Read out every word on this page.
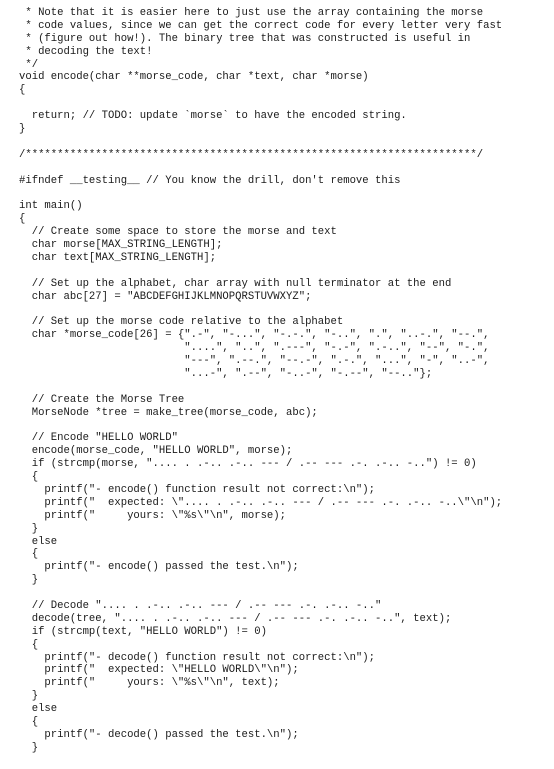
* Note that it is easier here to just use the array containing the morse
* code values, since we can get the correct code for every letter very fast
* (figure out how!). The binary tree that was constructed is useful in
* decoding the text!
*/
void encode(char **morse_code, char *text, char *morse)
{
return; // TODO: update `morse` to have the encoded string.
}
/***********************************************************************/
#ifndef __testing__ // You know the drill, don't remove this
int main()
{
// Create some space to store the morse and text
char morse[MAX_STRING_LENGTH];
char text[MAX_STRING_LENGTH];
// Set up the alphabet, char array with null terminator at the end
char abc[27] = "ABCDEFGHIJKLMNOPQRSTUVWXYZ";
// Set up the morse code relative to the alphabet
char *morse_code[26] = {".-", "-...", "-.-.", "-..", ".", "..-.", "--.",
"....", "..", ".---", "-.-", ".-..", "--", "-.",
"---", ".--.", "--.-", ".-.", "...", "-", "..-",
"...-", ".--", "-..-", "-.--", "--.."};
// Create the Morse Tree
MorseNode *tree = make_tree(morse_code, abc);
// Encode "HELLO WORLD"
encode(morse_code, "HELLO WORLD", morse);
if (strcmp(morse, ".... . .-.. .-.. --- / .-- --- .-. .-.. -..") != 0)
{
printf("- encode() function result not correct:\n");
printf("  expected: \".... . .-.. .-.. --- / .-- --- .-. .-.. -..\"\n");
printf("     yours: \"%s\"\n", morse);
}
else
{
printf("- encode() passed the test.\n");
}
// Decode ".... . .-.. .-.. --- / .-- --- .-. .-.. -.."
decode(tree, ".... . .-.. .-.. --- / .-- --- .-. .-.. -..", text);
if (strcmp(text, "HELLO WORLD") != 0)
{
printf("- decode() function result not correct:\n");
printf("  expected: \"HELLO WORLD\"\n");
printf("     yours: \"%s\"\n", text);
}
else
{
printf("- decode() passed the test.\n");
}
